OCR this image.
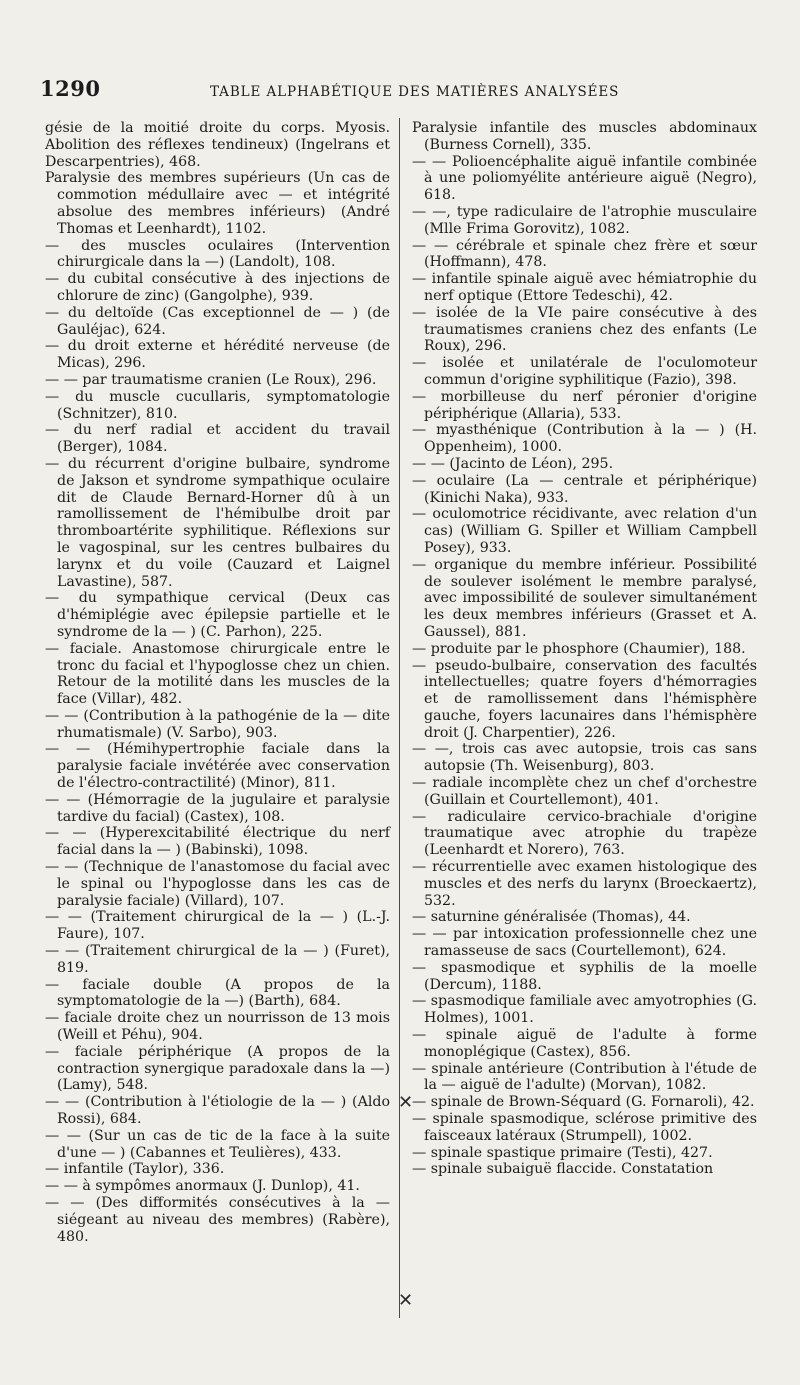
1290	TABLE ALPHABÉTIQUE DES MATIÈRES ANALYSÉES

gésie de la moitié droite du corps. Myosis. Abolition des réflexes tendineux) (Ingelrans et Descarpentries), 468.

Paralysie des membres supérieurs (Un cas de commotion médullaire avec — et intégrité absolue des membres inférieurs) (André Thomas et Leenhardt), 1102.

— des muscles oculaires (Intervention chirurgicale dans la —) (Landolt), 108.

— du cubital consécutive à des injections de chlorure de zinc) (Gangolphe), 939.

— du deltoïde (Cas exceptionnel de — ) (de Gauléjac), 624.

— du droit externe et hérédité nerveuse (de Micas), 296.

— — par traumatisme cranien (Le Roux), 296.

— du muscle cucullaris, symptomatologie (Schnitzer), 810.

— du nerf radial et accident du travail (Berger), 1084.

— du récurrent d'origine bulbaire, syndrome de Jakson et syndrome sympathique oculaire dit de Claude Bernard-Horner dû à un ramollissement de l'hémibulbe droit par thromboartérite syphilitique. Réflexions sur le vagospinal, sur les centres bulbaires du larynx et du voile (Cauzard et Laignel Lavastine), 587.

— du sympathique cervical (Deux cas d'hémiplégie avec épilepsie partielle et le syndrome de la — ) (C. Parhon), 225.

— faciale. Anastomose chirurgicale entre le tronc du facial et l'hypoglosse chez un chien. Retour de la motilité dans les muscles de la face (Villar), 482.

— — (Contribution à la pathogénie de la — dite rhumatismale) (V. Sarbo), 903.

— — (Hémihypertrophie faciale dans la paralysie faciale invétérée avec conservation de l'électro-contractilité) (Minor), 811.

— — (Hémorragie de la jugulaire et paralysie tardive du facial) (Castex), 108.

— — (Hyperexcitabilité électrique du nerf facial dans la — ) (Babinski), 1098.

— — (Technique de l'anastomose du facial avec le spinal ou l'hypoglosse dans les cas de paralysie faciale) (Villard), 107.

— — (Traitement chirurgical de la — ) (L.-J. Faure), 107.

— — (Traitement chirurgical de la — ) (Furet), 819.

— faciale double (A propos de la symptomatologie de la —) (Barth), 684.

— faciale droite chez un nourrisson de 13 mois (Weill et Péhu), 904.

— faciale périphérique (A propos de la contraction synergique paradoxale dans la —) (Lamy), 548.

— — (Contribution à l'étiologie de la — ) (Aldo Rossi), 684.

— — (Sur un cas de tic de la face à la suite d'une — ) (Cabannes et Teulières), 433.

— infantile (Taylor), 336.

— — à sympômes anormaux (J. Dunlop), 41.

— — (Des difformités consécutives à la — siégeant au niveau des membres) (Rabère), 480.

Paralysie infantile des muscles abdominaux (Burness Cornell), 335.

— — Polioencéphalite aiguë infantile combinée à une poliomyélite antérieure aiguë (Negro), 618.

— —, type radiculaire de l'atrophie musculaire (Mlle Frima Gorovitz), 1082.

— — cérébrale et spinale chez frère et sœur (Hoffmann), 478.

— infantile spinale aiguë avec hémiatrophie du nerf optique (Ettore Tedeschi), 42.

— isolée de la VIe paire consécutive à des traumatismes craniens chez des enfants (Le Roux), 296.

— isolée et unilatérale de l'oculomoteur commun d'origine syphilitique (Fazio), 398.

— morbilleuse du nerf péronier d'origine périphérique (Allaria), 533.

— myasthénique (Contribution à la — ) (H. Oppenheim), 1000.

— — (Jacinto de Léon), 295.

— oculaire (La — centrale et périphérique) (Kinichi Naka), 933.

— oculomotrice récidivante, avec relation d'un cas) (William G. Spiller et William Campbell Posey), 933.

— organique du membre inférieur. Possibilité de soulever isolément le membre paralysé, avec impossibilité de soulever simultanément les deux membres inférieurs (Grasset et A. Gaussel), 881.

— produite par le phosphore (Chaumier), 188.

— pseudo-bulbaire, conservation des facultés intellectuelles; quatre foyers d'hémorragies et de ramollissement dans l'hémisphère gauche, foyers lacunaires dans l'hémisphère droit (J. Charpentier), 226.

— —, trois cas avec autopsie, trois cas sans autopsie (Th. Weisenburg), 803.

— radiale incomplète chez un chef d'orchestre (Guillain et Courtellemont), 401.

— radiculaire cervico-brachiale d'origine traumatique avec atrophie du trapèze (Leenhardt et Norero), 763.

— récurrentielle avec examen histologique des muscles et des nerfs du larynx (Broeckaertz), 532.

— saturnine généralisée (Thomas), 44.

— — par intoxication professionnelle chez une ramasseuse de sacs (Courtellemont), 624.

— spasmodique et syphilis de la moelle (Dercum), 1188.

— spasmodique familiale avec amyotrophies (G. Holmes), 1001.

— spinale aiguë de l'adulte à forme monoplégique (Castex), 856.

— spinale antérieure (Contribution à l'étude de la — aiguë de l'adulte) (Morvan), 1082.

— spinale de Brown-Séquard (G. Fornaroli), 42.

— spinale spasmodique, sclérose primitive des faisceaux latéraux (Strumpell), 1002.

— spinale spastique primaire (Testi), 427.

— spinale subaiguë flaccide. Constatation

✕
✕
